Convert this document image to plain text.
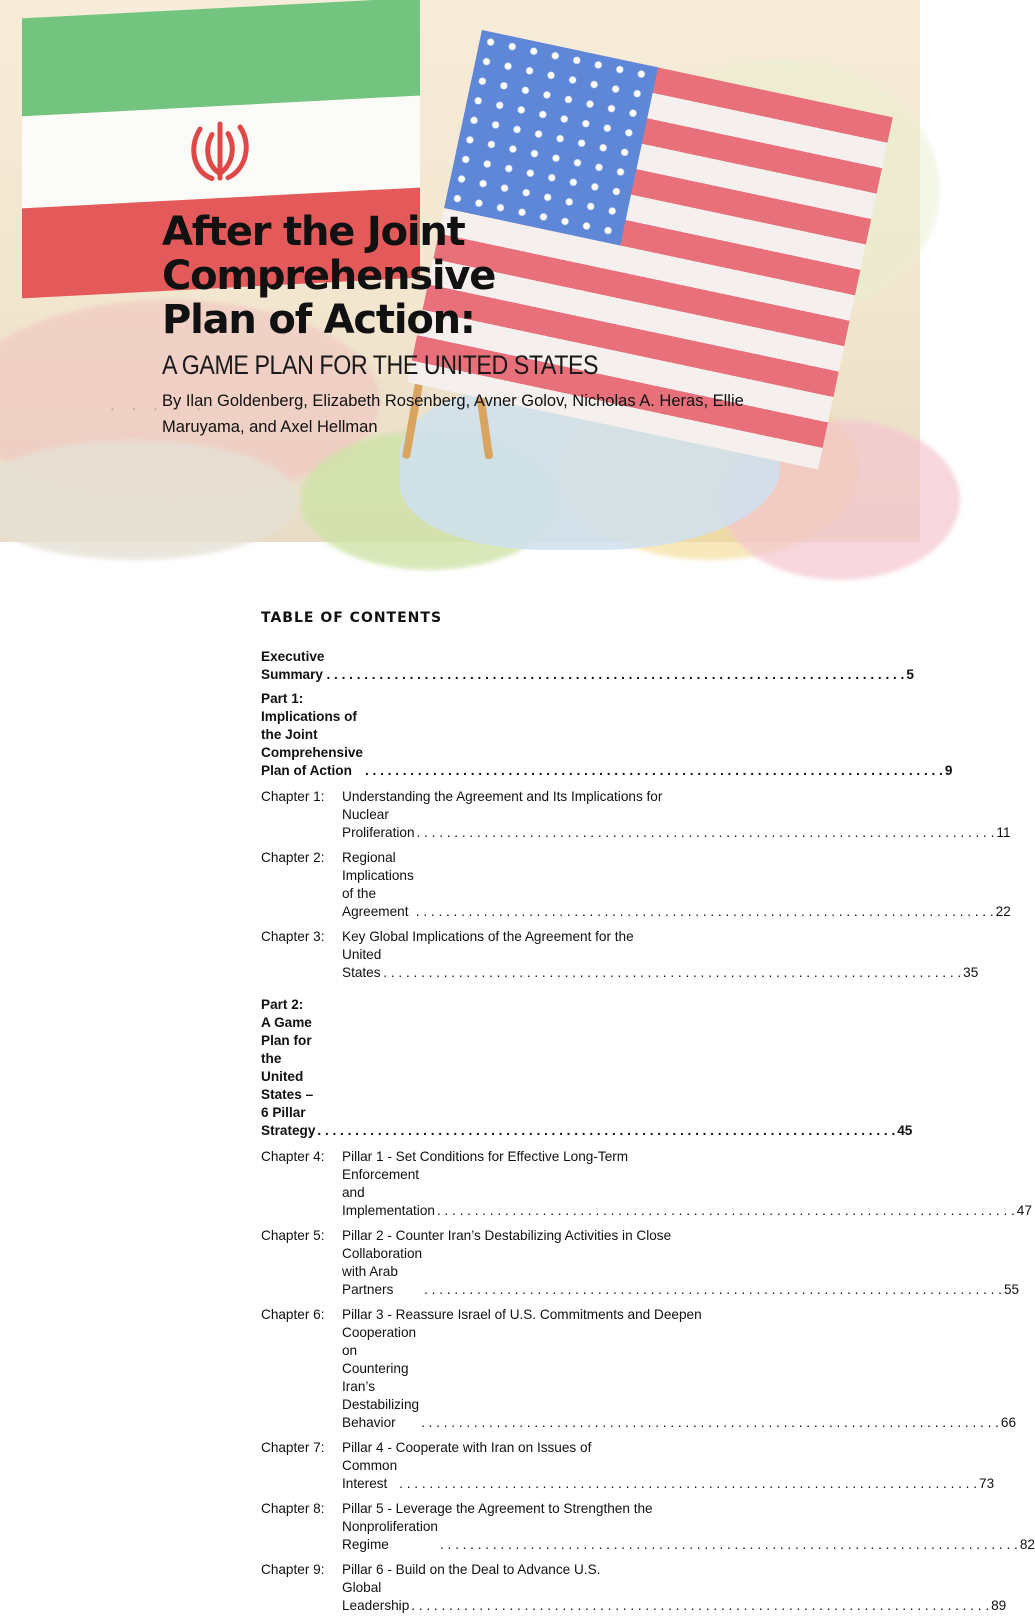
· · · · ·
After the Joint Comprehensive
Plan of Action:

A GAME PLAN FOR THE UNITED STATES

By Ilan Goldenberg, Elizabeth Rosenberg, Avner Golov, Nicholas A. Heras, Ellie Maruyama, and Axel Hellman

TABLE OF CONTENTS
Executive Summary . . .	5
Part 1: Implications of the Joint Comprehensive Plan of Action . . .	9
Chapter 1:	Understanding the Agreement and Its Implications for
Nuclear Proliferation . . .	11
Chapter 2:	Regional Implications of the Agreement . . .	22
Chapter 3:	Key Global Implications of the Agreement for the
United States . . .	35
Part 2: A Game Plan for the United States – 6 Pillar Strategy . . .	45
Chapter 4:	Pillar 1 - Set Conditions for Effective Long-Term
Enforcement and Implementation . . .	47
Chapter 5:	Pillar 2 - Counter Iran’s Destabilizing Activities in Close
Collaboration with Arab Partners . . .	55
Chapter 6:	Pillar 3 - Reassure Israel of U.S. Commitments and Deepen
Cooperation on Countering Iran’s Destabilizing Behavior . . .	66
Chapter 7:	Pillar 4 - Cooperate with Iran on Issues of
Common Interest . . .	73
Chapter 8:	Pillar 5 - Leverage the Agreement to Strengthen the
Nonproliferation Regime . . .	82
Chapter 9:	Pillar 6 - Build on the Deal to Advance U.S.
Global Leadership . . .	89
